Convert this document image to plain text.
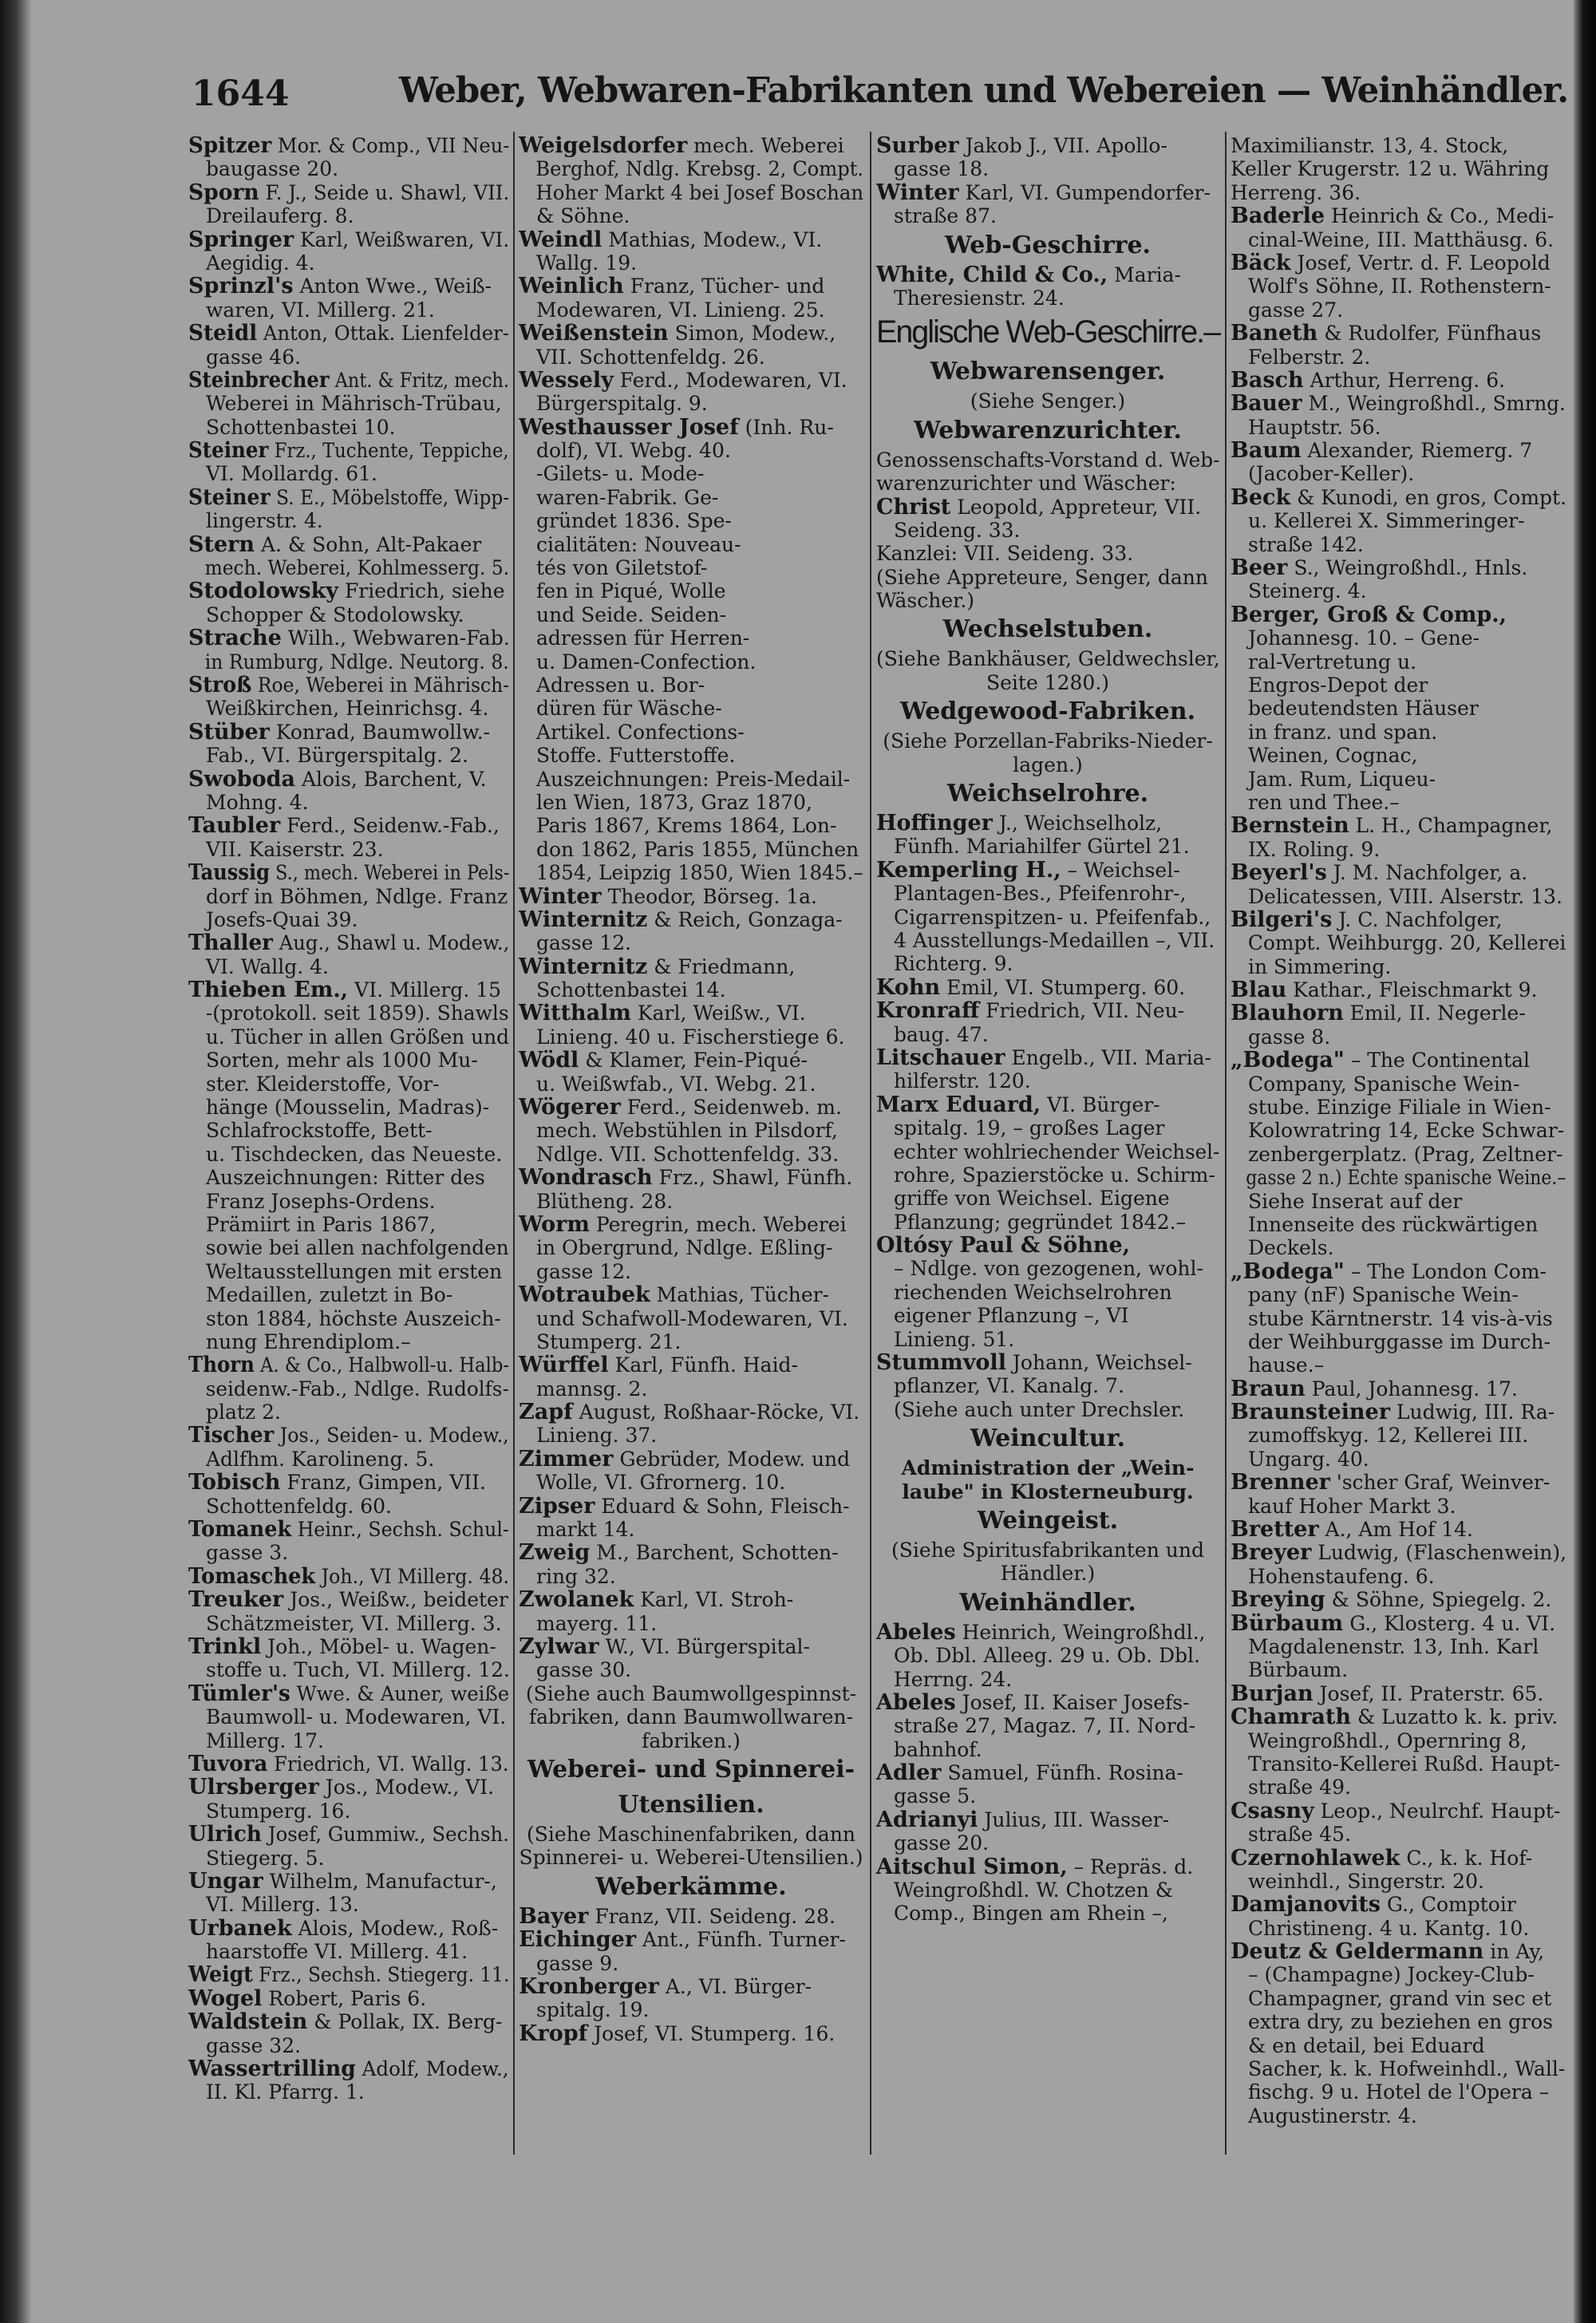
1644	Weber, Webwaren-Fabrikanten und Webereien — Weinhändler.
Spitzer Mor. & Comp., VII Neu-
baugasse 20.
Sporn F. J., Seide u. Shawl, VII.
Dreilauferg. 8.
Springer Karl, Weißwaren, VI.
Aegidig. 4.
Sprinzl's Anton Wwe., Weiß-
waren, VI. Millerg. 21.
Steidl Anton, Ottak. Lienfelder-
gasse 46.
Steinbrecher Ant. & Fritz, mech.
Weberei in Mährisch-Trübau,
Schottenbastei 10.
Steiner Frz., Tuchente, Teppiche,
VI. Mollardg. 61.
Steiner S. E., Möbelstoffe, Wipp-
lingerstr. 4.
Stern A. & Sohn, Alt-Pakaer
mech. Weberei, Kohlmesserg. 5.
Stodolowsky Friedrich, siehe
Schopper & Stodolowsky.
Strache Wilh., Webwaren-Fab.
in Rumburg, Ndlge. Neutorg. 8.
Stroß Roe, Weberei in Mährisch-
Weißkirchen, Heinrichsg. 4.
Stüber Konrad, Baumwollw.-
Fab., VI. Bürgerspitalg. 2.
Swoboda Alois, Barchent, V.
Mohng. 4.
Taubler Ferd., Seidenw.-Fab.,
VII. Kaiserstr. 23.
Taussig S., mech. Weberei in Pels-
dorf in Böhmen, Ndlge. Franz
Josefs-Quai 39.
Thaller Aug., Shawl u. Modew.,
VI. Wallg. 4.
Thieben Em., VI. Millerg. 15
-(protokoll. seit 1859). Shawls
u. Tücher in allen Größen und
Sorten, mehr als 1000 Mu-
ster. Kleiderstoffe, Vor-
hänge (Mousselin, Madras)-
Schlafrockstoffe, Bett-
u. Tischdecken, das Neueste.
Auszeichnungen: Ritter des
Franz Josephs-Ordens.
Prämiirt in Paris 1867,
sowie bei allen nachfolgenden
Weltausstellungen mit ersten
Medaillen, zuletzt in Bo-
ston 1884, höchste Auszeich-
nung Ehrendiplom.–
Thorn A. & Co., Halbwoll-u. Halb-
seidenw.-Fab., Ndlge. Rudolfs-
platz 2.
Tischer Jos., Seiden- u. Modew.,
Adlfhm. Karolineng. 5.
Tobisch Franz, Gimpen, VII.
Schottenfeldg. 60.
Tomanek Heinr., Sechsh. Schul-
gasse 3.
Tomaschek Joh., VI Millerg. 48.
Treuker Jos., Weißw., beideter
Schätzmeister, VI. Millerg. 3.
Trinkl Joh., Möbel- u. Wagen-
stoffe u. Tuch, VI. Millerg. 12.
Tümler's Wwe. & Auner, weiße
Baumwoll- u. Modewaren, VI.
Millerg. 17.
Tuvora Friedrich, VI. Wallg. 13.
Ulrsberger Jos., Modew., VI.
Stumperg. 16.
Ulrich Josef, Gummiw., Sechsh.
Stiegerg. 5.
Ungar Wilhelm, Manufactur-,
VI. Millerg. 13.
Urbanek Alois, Modew., Roß-
haarstoffe VI. Millerg. 41.
Weigt Frz., Sechsh. Stiegerg. 11.
Wogel Robert, Paris 6.
Waldstein & Pollak, IX. Berg-
gasse 32.
Wassertrilling Adolf, Modew.,
II. Kl. Pfarrg. 1.
Weigelsdorfer mech. Weberei
Berghof, Ndlg. Krebsg. 2, Compt.
Hoher Markt 4 bei Josef Boschan
& Söhne.
Weindl Mathias, Modew., VI.
Wallg. 19.
Weinlich Franz, Tücher- und
Modewaren, VI. Linieng. 25.
Weißenstein Simon, Modew.,
VII. Schottenfeldg. 26.
Wessely Ferd., Modewaren, VI.
Bürgerspitalg. 9.
Westhausser Josef (Inh. Ru-
dolf), VI. Webg. 40.
-Gilets- u. Mode-
waren-Fabrik. Ge-
gründet 1836. Spe-
cialitäten: Nouveau-
tés von Giletstof-
fen in Piqué, Wolle
und Seide. Seiden-
adressen für Herren-
u. Damen-Confection.
Adressen u. Bor-
düren für Wäsche-
Artikel. Confections-
Stoffe. Futterstoffe.
Auszeichnungen: Preis-Medail-
len Wien, 1873, Graz 1870,
Paris 1867, Krems 1864, Lon-
don 1862, Paris 1855, München
1854, Leipzig 1850, Wien 1845.–
Winter Theodor, Börseg. 1a.
Winternitz & Reich, Gonzaga-
gasse 12.
Winternitz & Friedmann,
Schottenbastei 14.
Witthalm Karl, Weißw., VI.
Linieng. 40 u. Fischerstiege 6.
Wödl & Klamer, Fein-Piqué-
u. Weißwfab., VI. Webg. 21.
Wögerer Ferd., Seidenweb. m.
mech. Webstühlen in Pilsdorf,
Ndlge. VII. Schottenfeldg. 33.
Wondrasch Frz., Shawl, Fünfh.
Blütheng. 28.
Worm Peregrin, mech. Weberei
in Obergrund, Ndlge. Eßling-
gasse 12.
Wotraubek Mathias, Tücher-
und Schafwoll-Modewaren, VI.
Stumperg. 21.
Würffel Karl, Fünfh. Haid-
mannsg. 2.
Zapf August, Roßhaar-Röcke, VI.
Linieng. 37.
Zimmer Gebrüder, Modew. und
Wolle, VI. Gfrornerg. 10.
Zipser Eduard & Sohn, Fleisch-
markt 14.
Zweig M., Barchent, Schotten-
ring 32.
Zwolanek Karl, VI. Stroh-
mayerg. 11.
Zylwar W., VI. Bürgerspital-
gasse 30.
(Siehe auch Baumwollgespinnst-
fabriken, dann Baumwollwaren-
fabriken.)
Weberei- und Spinnerei-
Utensilien.
(Siehe Maschinenfabriken, dann
Spinnerei- u. Weberei-Utensilien.)
Weberkämme.
Bayer Franz, VII. Seideng. 28.
Eichinger Ant., Fünfh. Turner-
gasse 9.
Kronberger A., VI. Bürger-
spitalg. 19.
Kropf Josef, VI. Stumperg. 16.
Surber Jakob J., VII. Apollo-
gasse 18.
Winter Karl, VI. Gumpendorfer-
straße 87.
Web-Geschirre.
White, Child & Co., Maria-
Theresienstr. 24.
Englische Web-Geschirre.–
Webwarensenger.
(Siehe Senger.)
Webwarenzurichter.
Genossenschafts-Vorstand d. Web-
warenzurichter und Wäscher:
Christ Leopold, Appreteur, VII.
Seideng. 33.
Kanzlei: VII. Seideng. 33.
(Siehe Appreteure, Senger, dann
Wäscher.)
Wechselstuben.
(Siehe Bankhäuser, Geldwechsler,
Seite 1280.)
Wedgewood-Fabriken.
(Siehe Porzellan-Fabriks-Nieder-
lagen.)
Weichselrohre.
Hoffinger J., Weichselholz,
Fünfh. Mariahilfer Gürtel 21.
Kemperling H., – Weichsel-
Plantagen-Bes., Pfeifenrohr-,
Cigarrenspitzen- u. Pfeifenfab.,
4 Ausstellungs-Medaillen –, VII.
Richterg. 9.
Kohn Emil, VI. Stumperg. 60.
Kronraff Friedrich, VII. Neu-
baug. 47.
Litschauer Engelb., VII. Maria-
hilferstr. 120.
Marx Eduard, VI. Bürger-
spitalg. 19, – großes Lager
echter wohlriechender Weichsel-
rohre, Spazierstöcke u. Schirm-
griffe von Weichsel. Eigene
Pflanzung; gegründet 1842.–
Oltósy Paul & Söhne,
– Ndlge. von gezogenen, wohl-
riechenden Weichselrohren
eigener Pflanzung –, VI
Linieng. 51.
Stummvoll Johann, Weichsel-
pflanzer, VI. Kanalg. 7.
(Siehe auch unter Drechsler.
Weincultur.
Administration der „Wein-
laube" in Klosterneuburg.
Weingeist.
(Siehe Spiritusfabrikanten und
Händler.)
Weinhändler.
Abeles Heinrich, Weingroßhdl.,
Ob. Dbl. Alleeg. 29 u. Ob. Dbl.
Herrng. 24.
Abeles Josef, II. Kaiser Josefs-
straße 27, Magaz. 7, II. Nord-
bahnhof.
Adler Samuel, Fünfh. Rosina-
gasse 5.
Adrianyi Julius, III. Wasser-
gasse 20.
Aitschul Simon, – Repräs. d.
Weingroßhdl. W. Chotzen &
Comp., Bingen am Rhein –,
Maximilianstr. 13, 4. Stock,
Keller Krugerstr. 12 u. Währing
Herreng. 36.
Baderle Heinrich & Co., Medi-
cinal-Weine, III. Matthäusg. 6.
Bäck Josef, Vertr. d. F. Leopold
Wolf's Söhne, II. Rothenstern-
gasse 27.
Baneth & Rudolfer, Fünfhaus
Felberstr. 2.
Basch Arthur, Herreng. 6.
Bauer M., Weingroßhdl., Smrng.
Hauptstr. 56.
Baum Alexander, Riemerg. 7
(Jacober-Keller).
Beck & Kunodi, en gros, Compt.
u. Kellerei X. Simmeringer-
straße 142.
Beer S., Weingroßhdl., Hnls.
Steinerg. 4.
Berger, Groß & Comp.,
Johannesg. 10. – Gene-
ral-Vertretung u.
Engros-Depot der
bedeutendsten Häuser
in franz. und span.
Weinen, Cognac,
Jam. Rum, Liqueu-
ren und Thee.–
Bernstein L. H., Champagner,
IX. Roling. 9.
Beyerl's J. M. Nachfolger, a.
Delicatessen, VIII. Alserstr. 13.
Bilgeri's J. C. Nachfolger,
Compt. Weihburgg. 20, Kellerei
in Simmering.
Blau Kathar., Fleischmarkt 9.
Blauhorn Emil, II. Negerle-
gasse 8.
„Bodega" – The Continental
Company, Spanische Wein-
stube. Einzige Filiale in Wien-
Kolowratring 14, Ecke Schwar-
zenbergerplatz. (Prag, Zeltner-
gasse 2 n.) Echte spanische Weine.–
Siehe Inserat auf der
Innenseite des rückwärtigen
Deckels.
„Bodega" – The London Com-
pany (nF) Spanische Wein-
stube Kärntnerstr. 14 vis-à-vis
der Weihburggasse im Durch-
hause.–
Braun Paul, Johannesg. 17.
Braunsteiner Ludwig, III. Ra-
zumoffskyg. 12, Kellerei III.
Ungarg. 40.
Brenner 'scher Graf, Weinver-
kauf Hoher Markt 3.
Bretter A., Am Hof 14.
Breyer Ludwig, (Flaschenwein),
Hohenstaufeng. 6.
Breying & Söhne, Spiegelg. 2.
Bürbaum G., Klosterg. 4 u. VI.
Magdalenenstr. 13, Inh. Karl
Bürbaum.
Burjan Josef, II. Praterstr. 65.
Chamrath & Luzatto k. k. priv.
Weingroßhdl., Opernring 8,
Transito-Kellerei Rußd. Haupt-
straße 49.
Csasny Leop., Neulrchf. Haupt-
straße 45.
Czernohlawek C., k. k. Hof-
weinhdl., Singerstr. 20.
Damjanovits G., Comptoir
Christineng. 4 u. Kantg. 10.
Deutz & Geldermann in Ay,
– (Champagne) Jockey-Club-
Champagner, grand vin sec et
extra dry, zu beziehen en gros
& en detail, bei Eduard
Sacher, k. k. Hofweinhdl., Wall-
fischg. 9 u. Hotel de l'Opera –
Augustinerstr. 4.
